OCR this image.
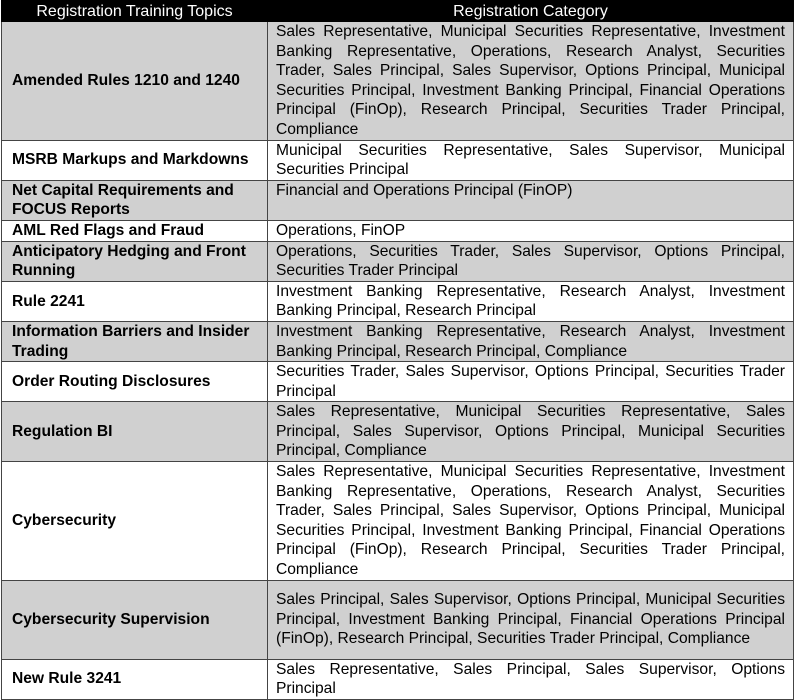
Registration Training Topics	Registration Category
Amended Rules 1210 and 1240	Sales Representative, Municipal Securities Representative, Investment Banking Representative, Operations, Research Analyst, Securities Trader, Sales Principal, Sales Supervisor, Options Principal, Municipal Securities Principal, Investment Banking Principal, Financial Operations Principal (FinOp), Research Principal, Securities Trader Principal, Compliance
MSRB Markups and Markdowns	Municipal Securities Representative, Sales Supervisor, Municipal Securities Principal
Net Capital Requirements and FOCUS Reports	Financial and Operations Principal (FinOP)
AML Red Flags and Fraud	Operations, FinOP
Anticipatory Hedging and Front Running	Operations, Securities Trader, Sales Supervisor, Options Principal, Securities Trader Principal
Rule 2241	Investment Banking Representative, Research Analyst, Investment Banking Principal, Research Principal
Information Barriers and Insider Trading	Investment Banking Representative, Research Analyst, Investment Banking Principal, Research Principal, Compliance
Order Routing Disclosures	Securities Trader, Sales Supervisor, Options Principal, Securities Trader Principal
Regulation BI	Sales Representative, Municipal Securities Representative, Sales Principal, Sales Supervisor, Options Principal, Municipal Securities Principal, Compliance
Cybersecurity	Sales Representative, Municipal Securities Representative, Investment Banking Representative, Operations, Research Analyst, Securities Trader, Sales Principal, Sales Supervisor, Options Principal, Municipal Securities Principal, Investment Banking Principal, Financial Operations Principal (FinOp), Research Principal, Securities Trader Principal, Compliance
Cybersecurity Supervision	Sales Principal, Sales Supervisor, Options Principal, Municipal Securities Principal, Investment Banking Principal, Financial Operations Principal (FinOp), Research Principal, Securities Trader Principal, Compliance
New Rule 3241	Sales Representative, Sales Principal, Sales Supervisor, Options Principal
